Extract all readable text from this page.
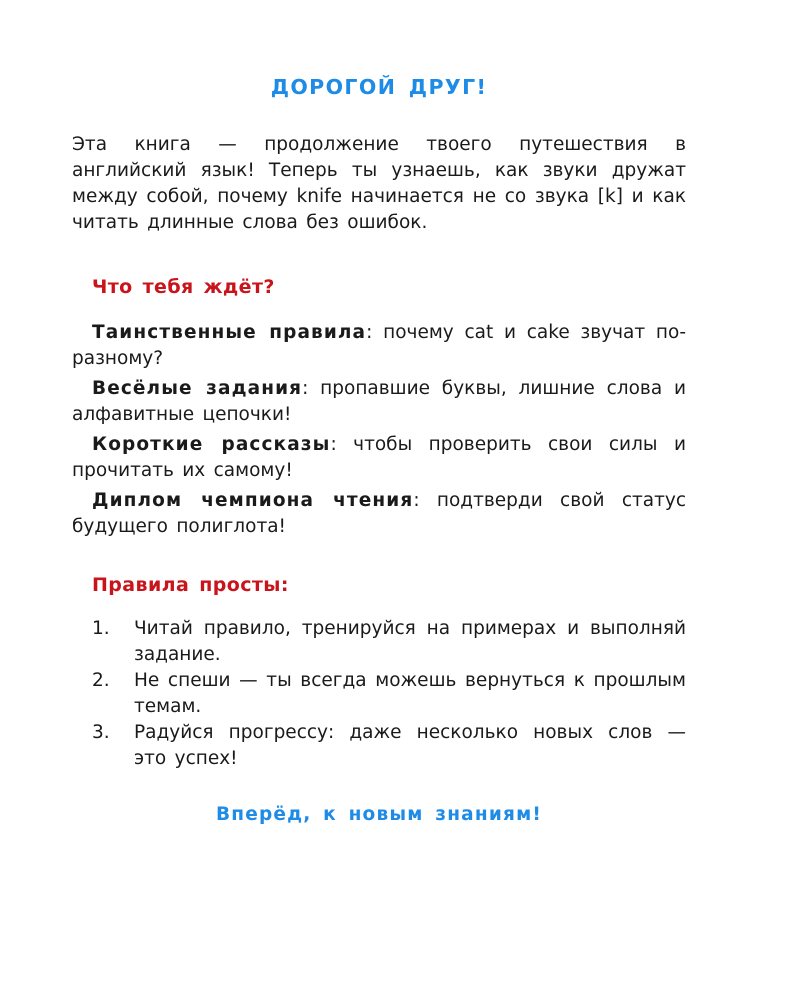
ДОРОГОЙ ДРУГ!

Эта книга — продолжение твоего путешествия в английский язык! Теперь ты узнаешь, как звуки дружат между собой, почему knife начинается не со звука [k] и как читать длинные слова без ошибок.

Что тебя ждёт?

Таинственные правила: почему cat и cake звучат по-разному?

Весёлые задания: пропавшие буквы, лишние слова и алфавитные цепочки!

Короткие рассказы: чтобы проверить свои силы и прочитать их самому!

Диплом чемпиона чтения: подтверди свой статус будущего полиглота!

Правила просты:
1. Читай правило, тренируйся на примерах и выполняй задание.
2. Не спеши — ты всегда можешь вернуться к прошлым темам.
3. Радуйся прогрессу: даже несколько новых слов — это успех!

Вперёд, к новым знаниям!
